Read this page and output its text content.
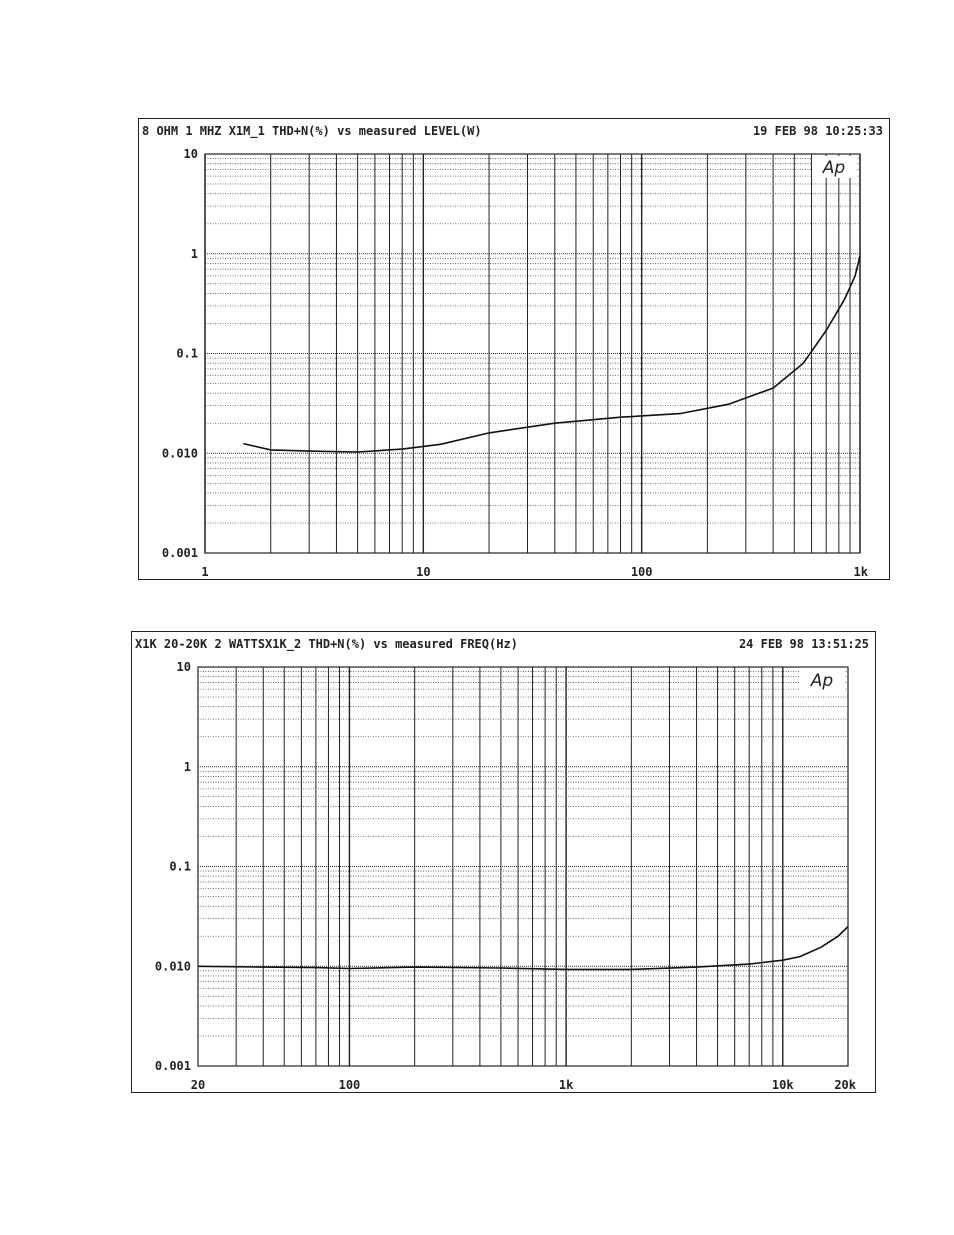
8 OHM 1 MHZ X1M_1 THD+N(%) vs measured LEVEL(W)	19 FEB 98 10:25:33
10
1
0.1
0.010
0.001
1	10	100	1k
Ap
X1K 20-20K 2 WATTSX1K_2 THD+N(%) vs measured FREQ(Hz)	24 FEB 98 13:51:25
10
1
0.1
0.010
0.001
20	100	1k	10k	20k
Ap
